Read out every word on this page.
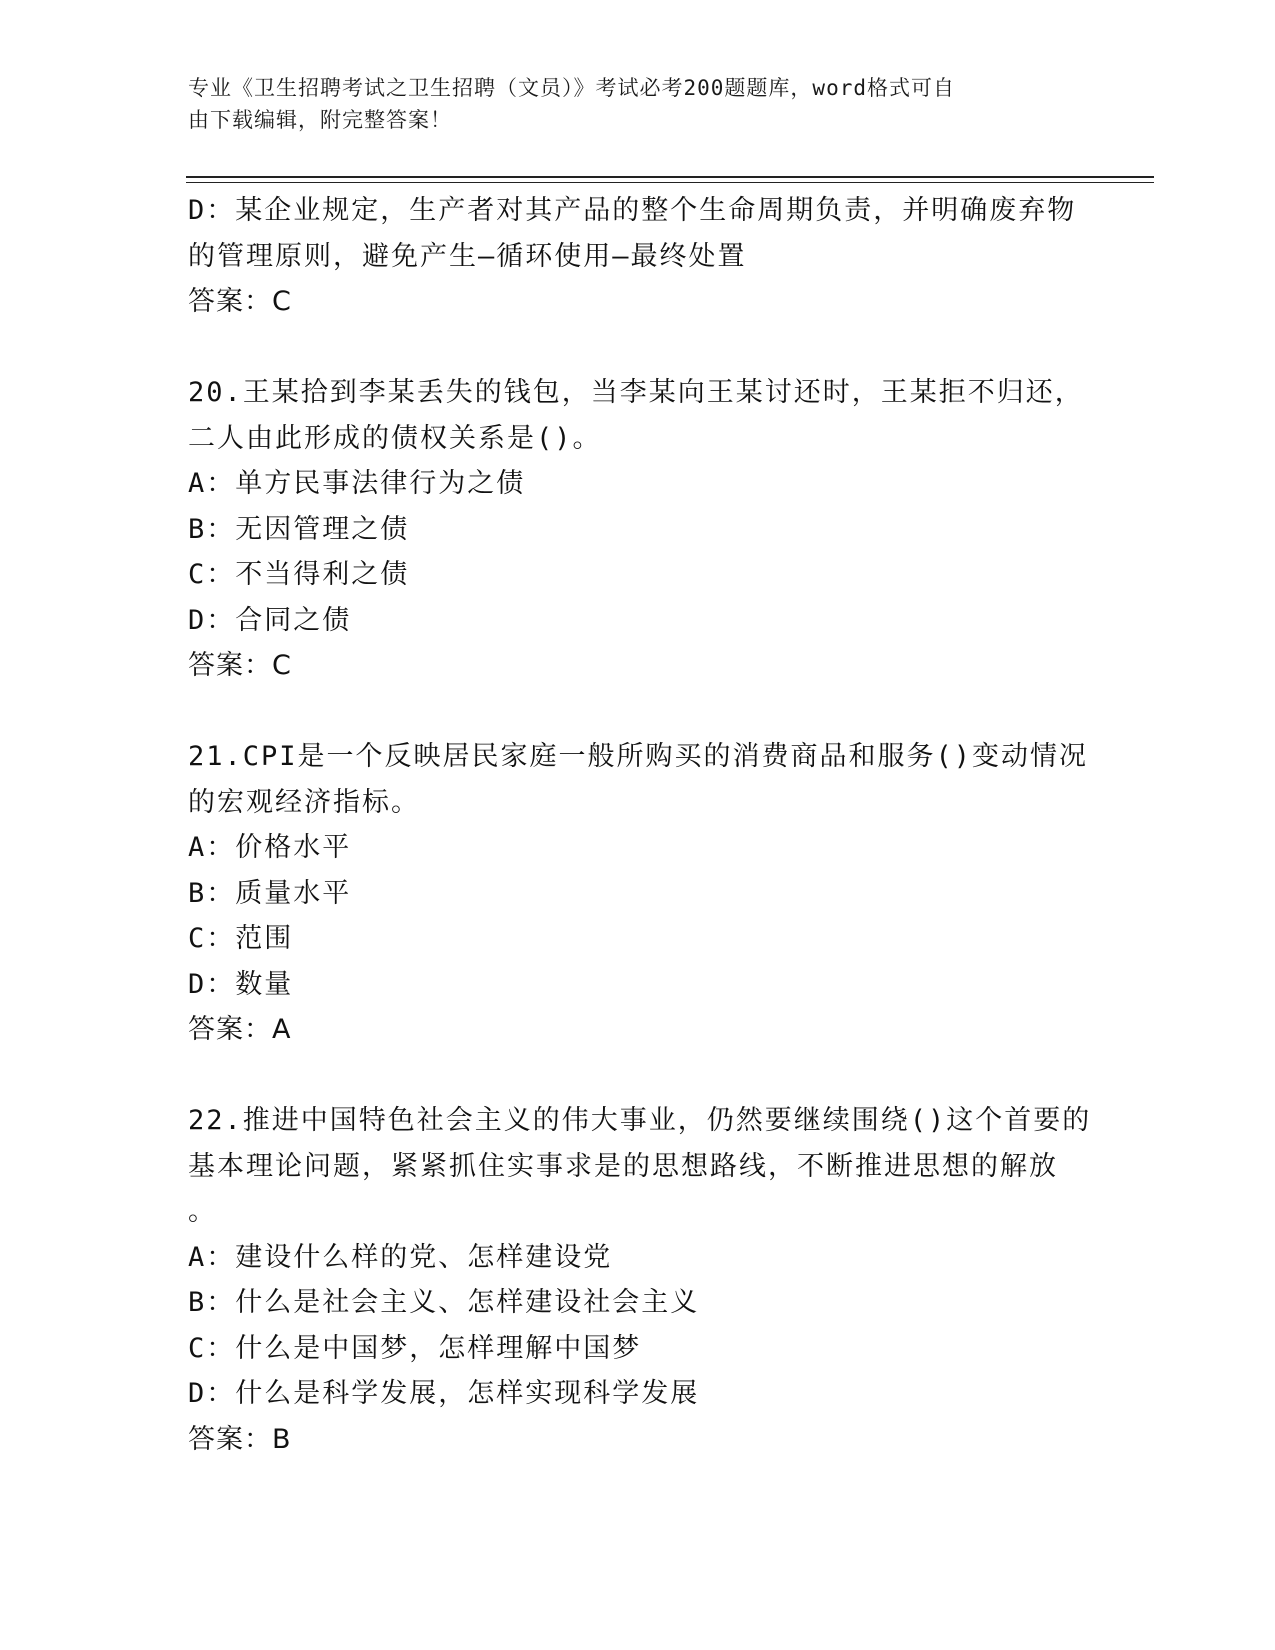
专业《卫生招聘考试之卫生招聘（文员）》考试必考200题题库，word格式可自
由下载编辑，附完整答案！
D：某企业规定，生产者对其产品的整个生命周期负责，并明确废弃物
的管理原则，避免产生—循环使用—最终处置
答案：C
20.王某拾到李某丢失的钱包，当李某向王某讨还时，王某拒不归还，
二人由此形成的债权关系是()。
A：单方民事法律行为之债
B：无因管理之债
C：不当得利之债
D：合同之债
答案：C
21.CPI是一个反映居民家庭一般所购买的消费商品和服务()变动情况
的宏观经济指标。
A：价格水平
B：质量水平
C：范围
D：数量
答案：A
22.推进中国特色社会主义的伟大事业，仍然要继续围绕()这个首要的
基本理论问题，紧紧抓住实事求是的思想路线，不断推进思想的解放
。
A：建设什么样的党、怎样建设党
B：什么是社会主义、怎样建设社会主义
C：什么是中国梦，怎样理解中国梦
D：什么是科学发展，怎样实现科学发展
答案：B
